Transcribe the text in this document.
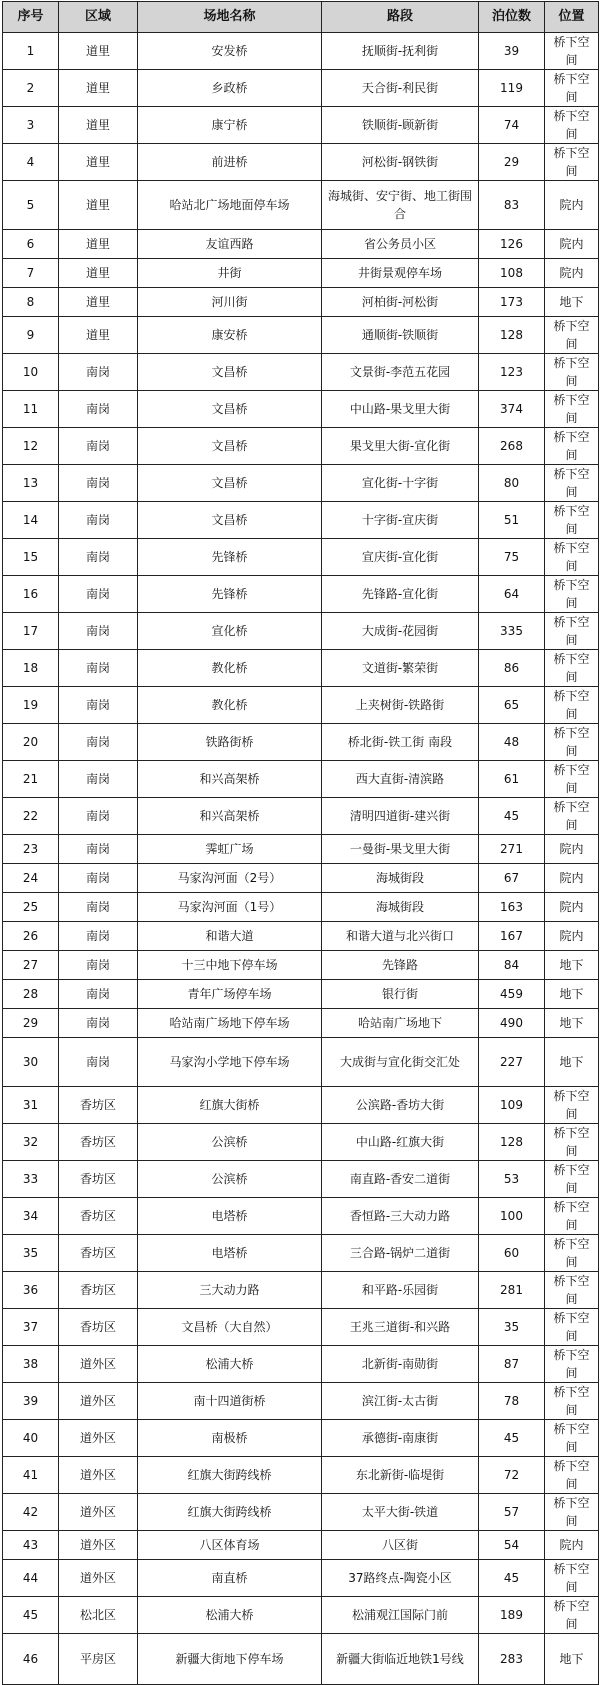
序号	区域	场地名称	路段	泊位数	位置
1	道里	安发桥	抚顺街-抚利街	39	桥下空间
2	道里	乡政桥	天合街-利民街	119	桥下空间
3	道里	康宁桥	铁顺街-顾新街	74	桥下空间
4	道里	前进桥	河松街-钢铁街	29	桥下空间
5	道里	哈站北广场地面停车场	海城街、安宁街、地工街围合	83	院内
6	道里	友谊西路	省公务员小区	126	院内
7	道里	井街	井街景观停车场	108	院内
8	道里	河川街	河柏街-河松街	173	地下
9	道里	康安桥	通顺街-铁顺街	128	桥下空间
10	南岗	文昌桥	文景街-李范五花园	123	桥下空间
11	南岗	文昌桥	中山路-果戈里大街	374	桥下空间
12	南岗	文昌桥	果戈里大街-宣化街	268	桥下空间
13	南岗	文昌桥	宣化街-十字街	80	桥下空间
14	南岗	文昌桥	十字街-宣庆街	51	桥下空间
15	南岗	先锋桥	宣庆街-宣化街	75	桥下空间
16	南岗	先锋桥	先锋路-宣化街	64	桥下空间
17	南岗	宣化桥	大成街-花园街	335	桥下空间
18	南岗	教化桥	文道街-繁荣街	86	桥下空间
19	南岗	教化桥	上夹树街-铁路街	65	桥下空间
20	南岗	铁路街桥	桥北街-铁工街 南段	48	桥下空间
21	南岗	和兴高架桥	西大直街-清滨路	61	桥下空间
22	南岗	和兴高架桥	清明四道街-建兴街	45	桥下空间
23	南岗	霁虹广场	一曼街-果戈里大街	271	院内
24	南岗	马家沟河面（2号）	海城街段	67	院内
25	南岗	马家沟河面（1号）	海城街段	163	院内
26	南岗	和谐大道	和谐大道与北兴街口	167	院内
27	南岗	十三中地下停车场	先锋路	84	地下
28	南岗	青年广场停车场	银行街	459	地下
29	南岗	哈站南广场地下停车场	哈站南广场地下	490	地下
30	南岗	马家沟小学地下停车场	大成街与宣化街交汇处	227	地下
31	香坊区	红旗大街桥	公滨路-香坊大街	109	桥下空间
32	香坊区	公滨桥	中山路-红旗大街	128	桥下空间
33	香坊区	公滨桥	南直路-香安二道街	53	桥下空间
34	香坊区	电塔桥	香恒路-三大动力路	100	桥下空间
35	香坊区	电塔桥	三合路-锅炉二道街	60	桥下空间
36	香坊区	三大动力路	和平路-乐园街	281	桥下空间
37	香坊区	文昌桥（大自然）	王兆三道街-和兴路	35	桥下空间
38	道外区	松浦大桥	北新街-南勋街	87	桥下空间
39	道外区	南十四道街桥	滨江街-太古街	78	桥下空间
40	道外区	南极桥	承德街-南康街	45	桥下空间
41	道外区	红旗大街跨线桥	东北新街-临堤街	72	桥下空间
42	道外区	红旗大街跨线桥	太平大街-铁道	57	桥下空间
43	道外区	八区体育场	八区街	54	院内
44	道外区	南直桥	37路终点-陶瓷小区	45	桥下空间
45	松北区	松浦大桥	松浦观江国际门前	189	桥下空间
46	平房区	新疆大街地下停车场	新疆大街临近地铁1号线	283	地下
